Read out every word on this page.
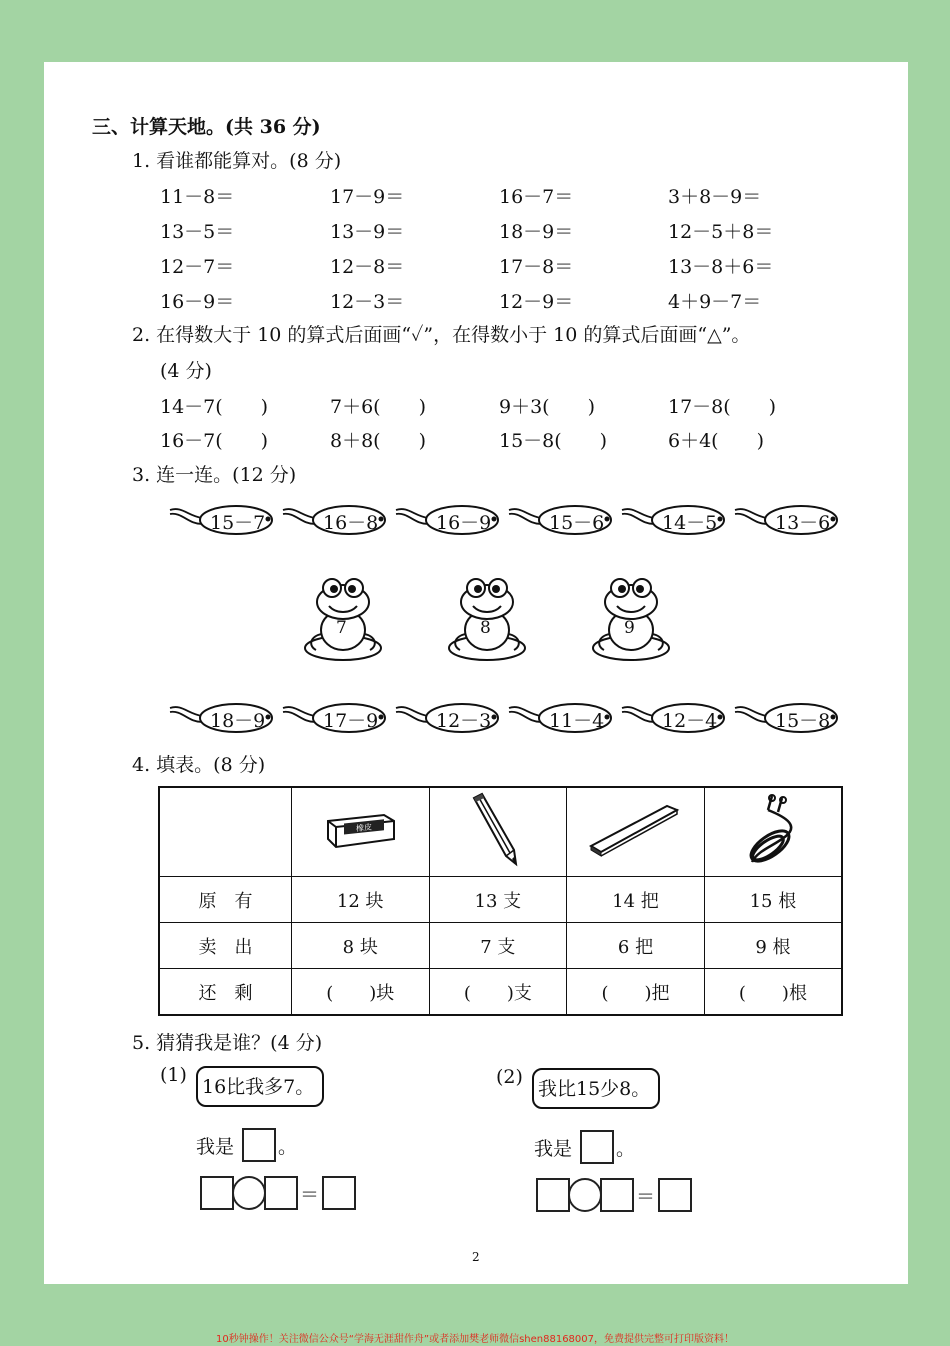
三、计算天地。(共 36 分)
1. 看谁都能算对。(8 分)
11－8＝	17－9＝	16－7＝	3＋8－9＝
13－5＝	13－9＝	18－9＝	12－5＋8＝
12－7＝	12－8＝	17－8＝	13－8＋6＝
16－9＝	12－3＝	12－9＝	4＋9－7＝
2. 在得数大于 10 的算式后面画“✓”，在得数小于 10 的算式后面画“△”。
(4 分)
14－7(　　)	7＋6(　　)	9＋3(　　)	17－8(　　)
16－7(　　)	8＋8(　　)	15－8(　　)	6＋4(　　)
3. 连一连。(12 分)
15－7	16－8	16－9	15－6	14－5	13－6
7	8	9
18－9	17－9	12－3	11－4	12－4	15－8
4. 填表。(8 分)

橡皮

原　有	12 块	13 支	14 把	15 根
卖　出	8 块	7 支	6 把	9 根
还　剩	(　　)块	(　　)支	(　　)把	(　　)根
5. 猜猜我是谁？(4 分)
(1)
16比我多7。
我是 。
＝
(2)
我比15少8。
我是 。
＝
2
10秒钟操作！关注微信公众号“学海无涯甜作舟”或者添加樊老师微信shen88168007，免费提供完整可打印版资料！
